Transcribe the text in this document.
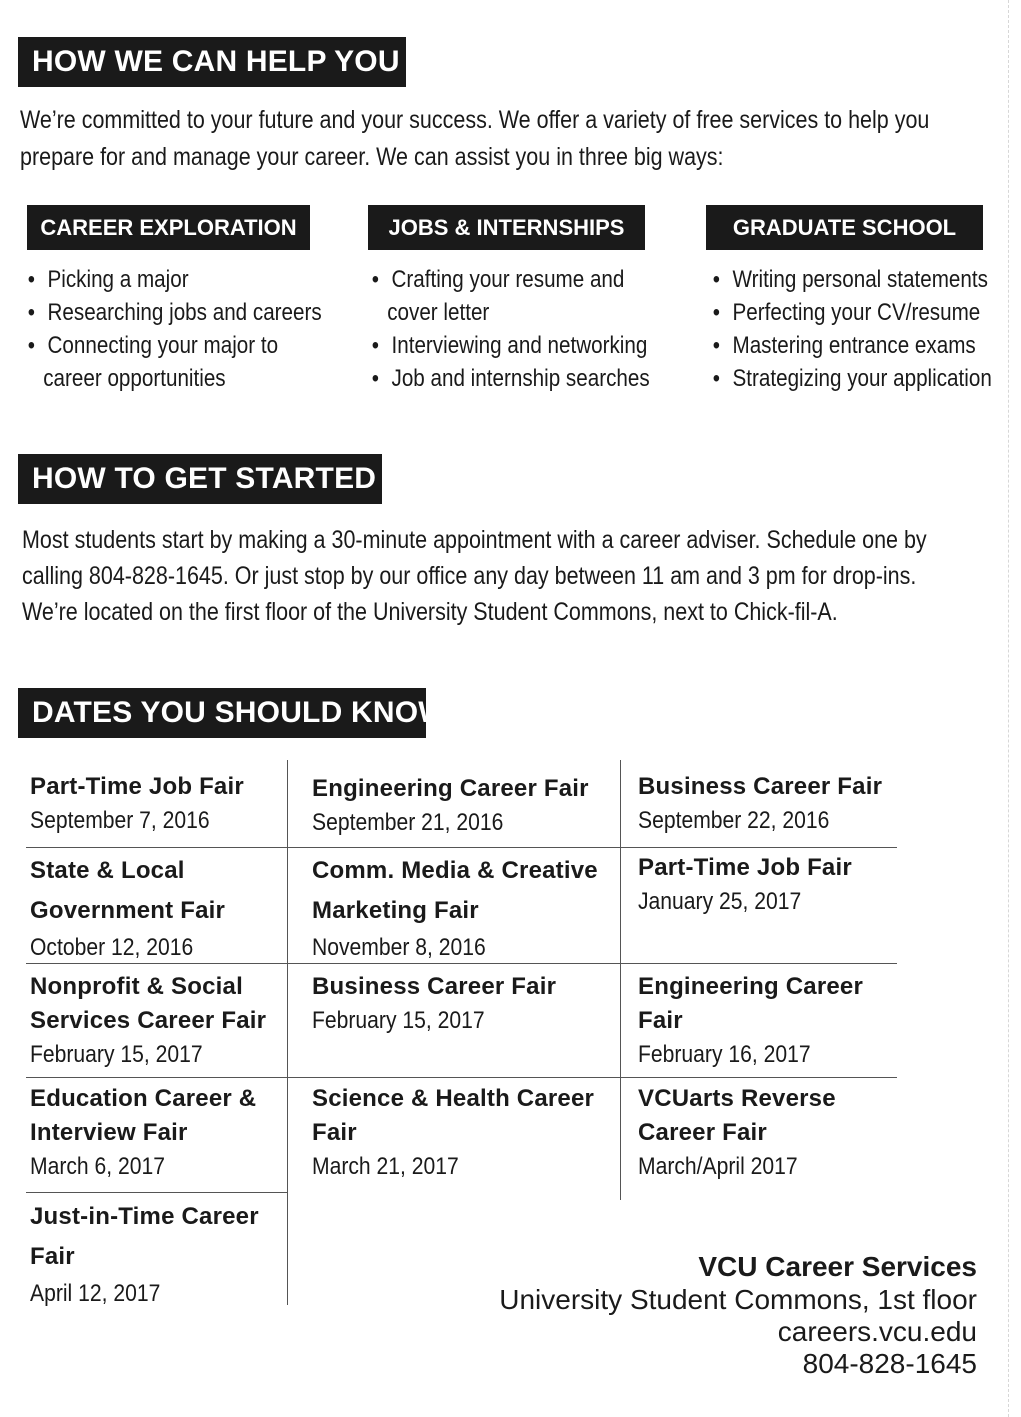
HOW WE CAN HELP YOU

We’re committed to your future and your success. We offer a variety of free services to help you

prepare for and manage your career. We can assist you in three big ways:

CAREER EXPLORATION
• Picking a major
• Researching jobs and careers
• Connecting your major to
career opportunities
JOBS & INTERNSHIPS
• Crafting your resume and
cover letter
• Interviewing and networking
• Job and internship searches
GRADUATE SCHOOL
• Writing personal statements
• Perfecting your CV/resume
• Mastering entrance exams
• Strategizing your application
HOW TO GET STARTED

Most students start by making a 30-minute appointment with a career adviser. Schedule one by

calling 804-828-1645. Or just stop by our office any day between 11 am and 3 pm for drop-ins.

We’re located on the first floor of the University Student Commons, next to Chick-fil-A.

DATES YOU SHOULD KNOW
Part-Time Job Fair
September 7, 2016
Engineering Career Fair
September 21, 2016
Business Career Fair
September 22, 2016
State & Local Government Fair
October 12, 2016
Comm. Media & Creative Marketing Fair
November 8, 2016
Part-Time Job Fair
January 25, 2017
Nonprofit & Social Services Career Fair
February 15, 2017
Business Career Fair
February 15, 2017
Engineering Career Fair
February 16, 2017
Education Career & Interview Fair
March 6, 2017
Science & Health Career Fair
March 21, 2017
VCUarts Reverse Career Fair
March/April 2017
Just-in-Time Career Fair
April 12, 2017
VCU Career Services
University Student Commons, 1st floor
careers.vcu.edu
804-828-1645
